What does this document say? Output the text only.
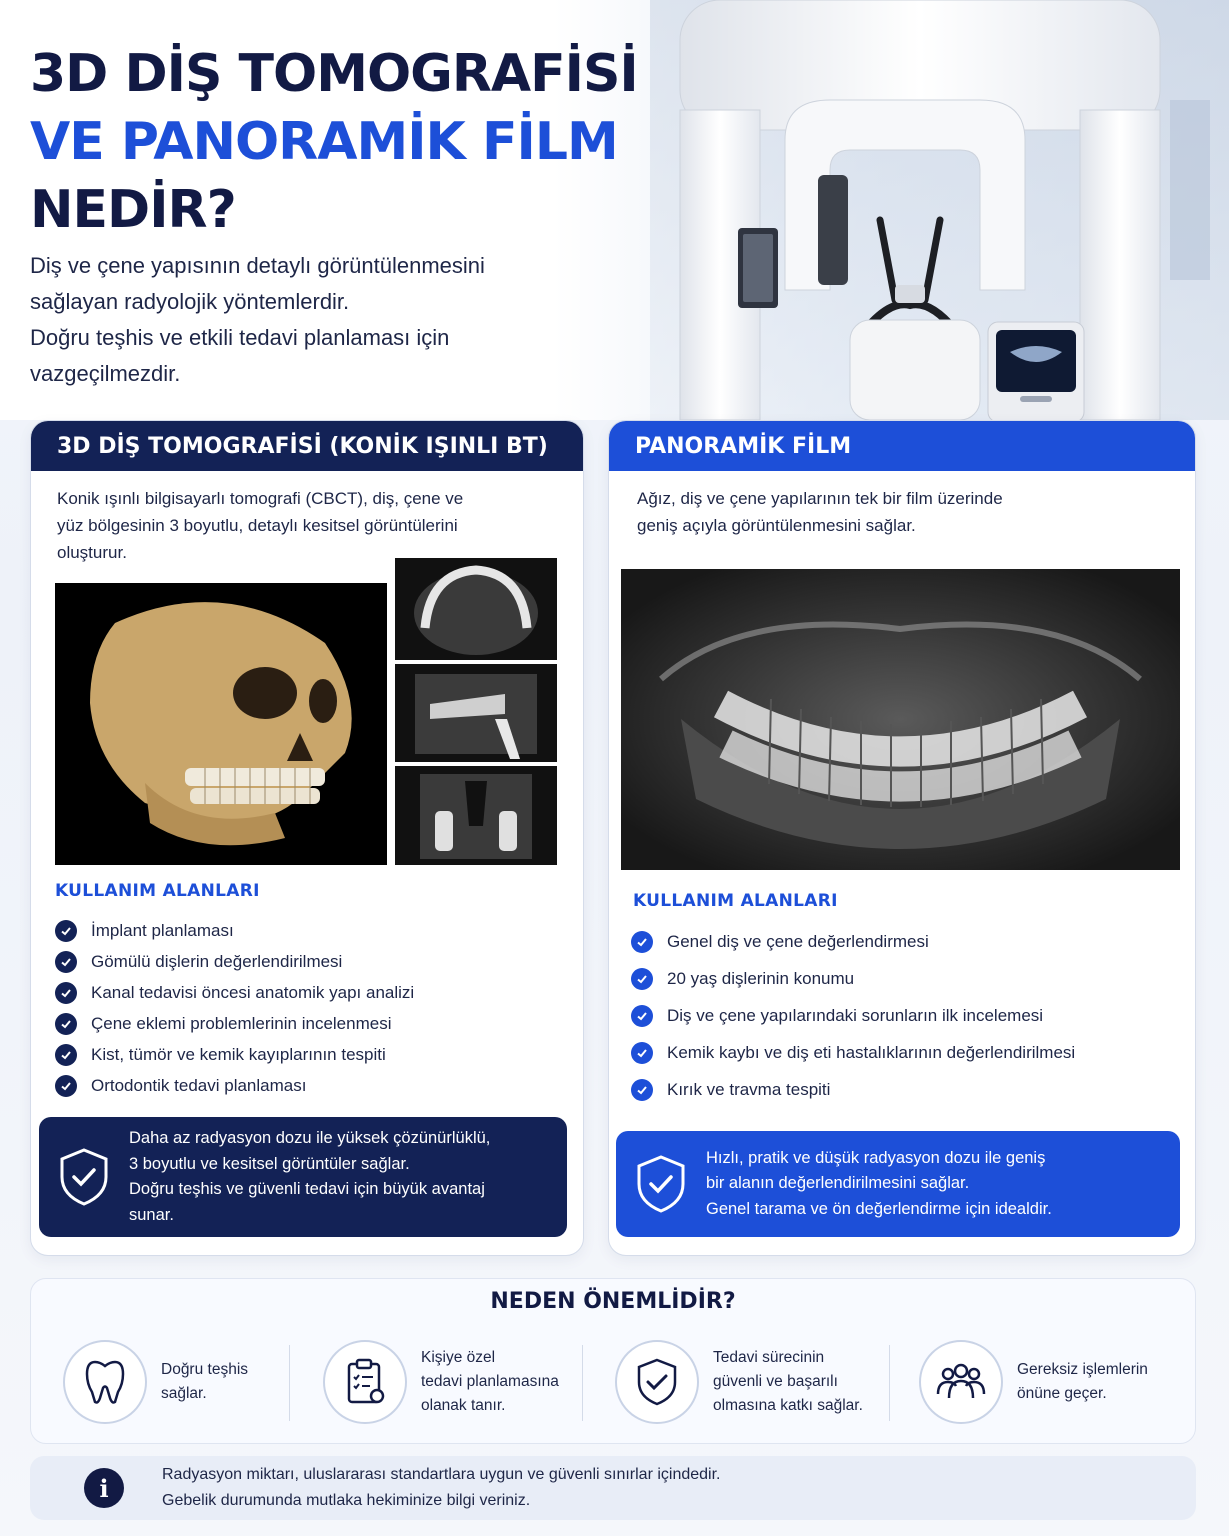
3D DİŞ TOMOGRAFİSİ
VE PANORAMİK FİLM
NEDİR?
Diş ve çene yapısının detaylı görüntülenmesini
sağlayan radyolojik yöntemlerdir.
Doğru teşhis ve etkili tedavi planlaması için
vazgeçilmezdir.
3D DİŞ TOMOGRAFİSİ (KONİK IŞINLI BT)
Konik ışınlı bilgisayarlı tomografi (CBCT), diş, çene ve
yüz bölgesinin 3 boyutlu, detaylı kesitsel görüntülerini
oluşturur.
KULLANIM ALANLARI
İmplant planlaması
Gömülü dişlerin değerlendirilmesi
Kanal tedavisi öncesi anatomik yapı analizi
Çene eklemi problemlerinin incelenmesi
Kist, tümör ve kemik kayıplarının tespiti
Ortodontik tedavi planlaması
Daha az radyasyon dozu ile yüksek çözünürlüklü,
3 boyutlu ve kesitsel görüntüler sağlar.
Doğru teşhis ve güvenli tedavi için büyük avantaj
sunar.
PANORAMİK FİLM
Ağız, diş ve çene yapılarının tek bir film üzerinde
geniş açıyla görüntülenmesini sağlar.
KULLANIM ALANLARI
Genel diş ve çene değerlendirmesi
20 yaş dişlerinin konumu
Diş ve çene yapılarındaki sorunların ilk incelemesi
Kemik kaybı ve diş eti hastalıklarının değerlendirilmesi
Kırık ve travma tespiti
Hızlı, pratik ve düşük radyasyon dozu ile geniş
bir alanın değerlendirilmesini sağlar.
Genel tarama ve ön değerlendirme için idealdir.
NEDEN ÖNEMLİDİR?
Doğru teşhis
sağlar.
Kişiye özel
tedavi planlamasına
olanak tanır.
Tedavi sürecinin
güvenli ve başarılı
olmasına katkı sağlar.
Gereksiz işlemlerin
önüne geçer.
i	Radyasyon miktarı, uluslararası standartlara uygun ve güvenli sınırlar içindedir.
Gebelik durumunda mutlaka hekiminize bilgi veriniz.
